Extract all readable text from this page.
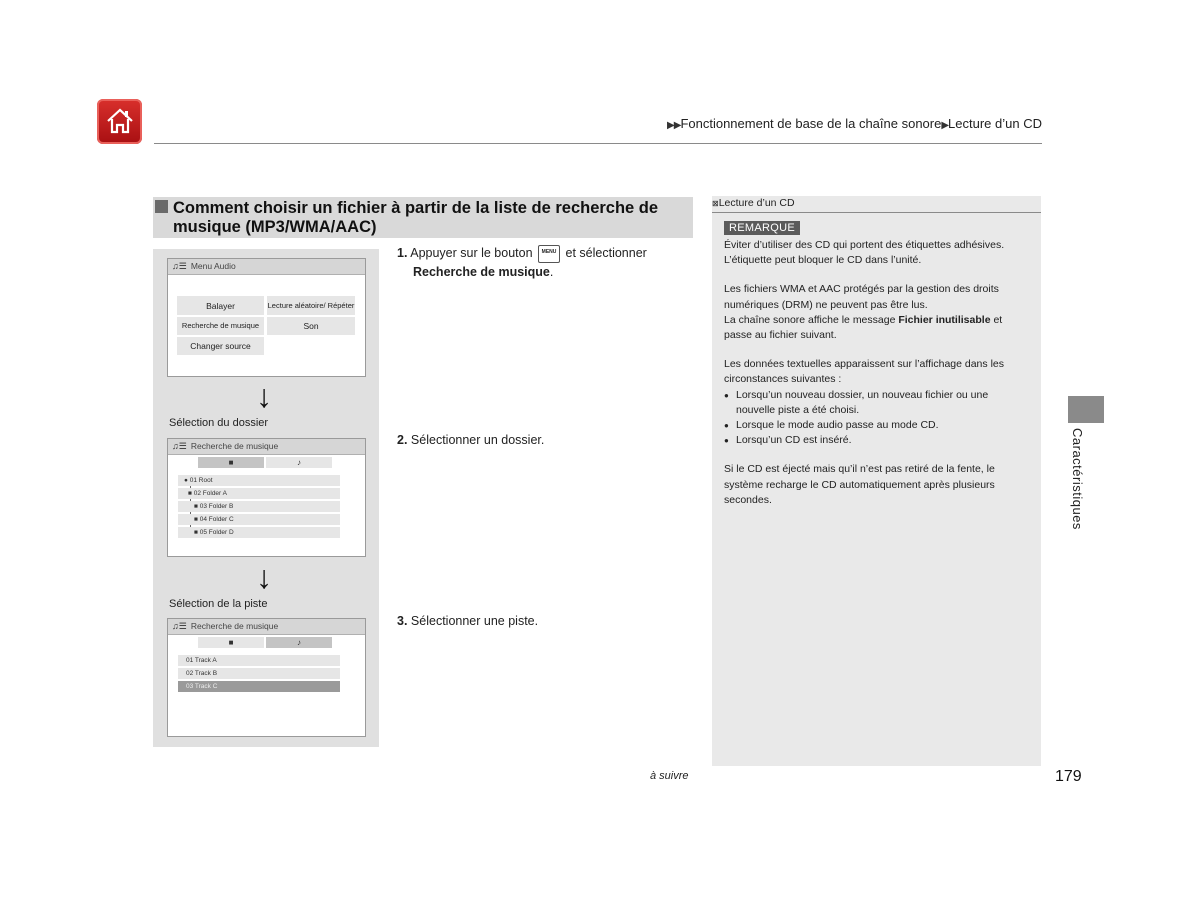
▶▶Fonctionnement de base de la chaîne sonore▶Lecture d’un CD
Comment choisir un fichier à partir de la liste de recherche de musique (MP3/WMA/AAC)
♫☰ Menu Audio
Balayer	Lecture aléatoire/ Répéter
Recherche de musique	Son
Changer source
↓
Sélection du dossier
♫☰ Recherche de musique
■	♪
● 01 Root
■ 02 Folder A
■ 03 Folder B
■ 04 Folder C
■ 05 Folder D
↓
Sélection de la piste
♫☰ Recherche de musique
■	♪
01 Track A
02 Track B
03 Track C
1. Appuyer sur le bouton	MENU et sélectionner
Recherche de musique.
2. Sélectionner un dossier.
3. Sélectionner une piste.
⊠Lecture d’un CD
REMARQUE
Éviter d’utiliser des CD qui portent des étiquettes adhésives. L’étiquette peut bloquer le CD dans l’unité.
Les fichiers WMA et AAC protégés par la gestion des droits numériques (DRM) ne peuvent pas être lus.
La chaîne sonore affiche le message Fichier inutilisable et passe au fichier suivant.
Les données textuelles apparaissent sur l’affichage dans les circonstances suivantes :
● Lorsqu’un nouveau dossier, un nouveau fichier ou une nouvelle piste a été choisi.
● Lorsque le mode audio passe au mode CD.
● Lorsqu’un CD est inséré.
Si le CD est éjecté mais qu’il n’est pas retiré de la fente, le système recharge le CD automatiquement après plusieurs secondes.	Caractéristiques
à suivre	179
